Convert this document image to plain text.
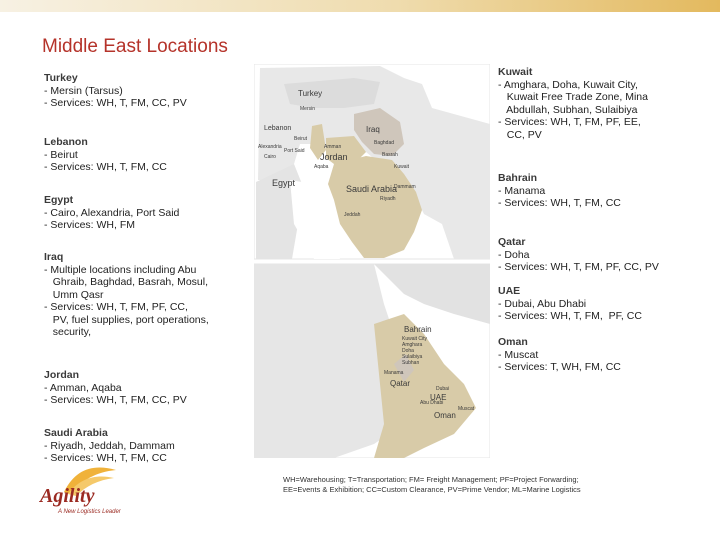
Middle East Locations
Turkey
- Mersin (Tarsus)
- Services: WH, T, FM, CC, PV
Lebanon
- Beirut
- Services: WH, T, FM, CC
Egypt
- Cairo, Alexandria, Port Said
- Services: WH, FM
Iraq
- Multiple locations including Abu
Ghraib, Baghdad, Basrah, Mosul,
Umm Qasr
- Services: WH, T, FM, PF, CC,
PV, fuel supplies, port operations,
security,
Jordan
- Amman, Aqaba
- Services: WH, T, FM, CC, PV
Saudi Arabia
- Riyadh, Jeddah, Dammam
- Services: WH, T, FM, CC
Kuwait
- Amghara, Doha, Kuwait City,
Kuwait Free Trade Zone, Mina
Abdullah, Subhan, Sulaibiya
- Services: WH, T, FM, PF, EE,
CC, PV
Bahrain
- Manama
- Services: WH, T, FM, CC
Qatar
- Doha
- Services: WH, T, FM, PF, CC, PV
UAE
- Dubai, Abu Dhabi
- Services: WH, T, FM,  PF, CC
Oman
- Muscat
- Services: T, WH, FM, CC
Turkey
Lebanon
Jordan
Iraq
Egypt
Saudi Arabia
Mersin
Beirut
Amman
Aqaba
Baghdad
Basrah
Kuwait
Riyadh
Jeddah
Dammam
Alexandria
Cairo
Port Said
Bahrain
Qatar
UAE
Oman
Kuwait City
Amghara
Doha
Sulaibiya
Subhan
Manama
Dubai
Abu Dhabi
Muscat
WH=Warehousing; T=Transportation; FM= Freight Management; PF=Project Forwarding;
EE=Events & Exhibition; CC=Custom Clearance, PV=Prime Vendor; ML=Marine Logistics
Agility
A New Logistics Leader
